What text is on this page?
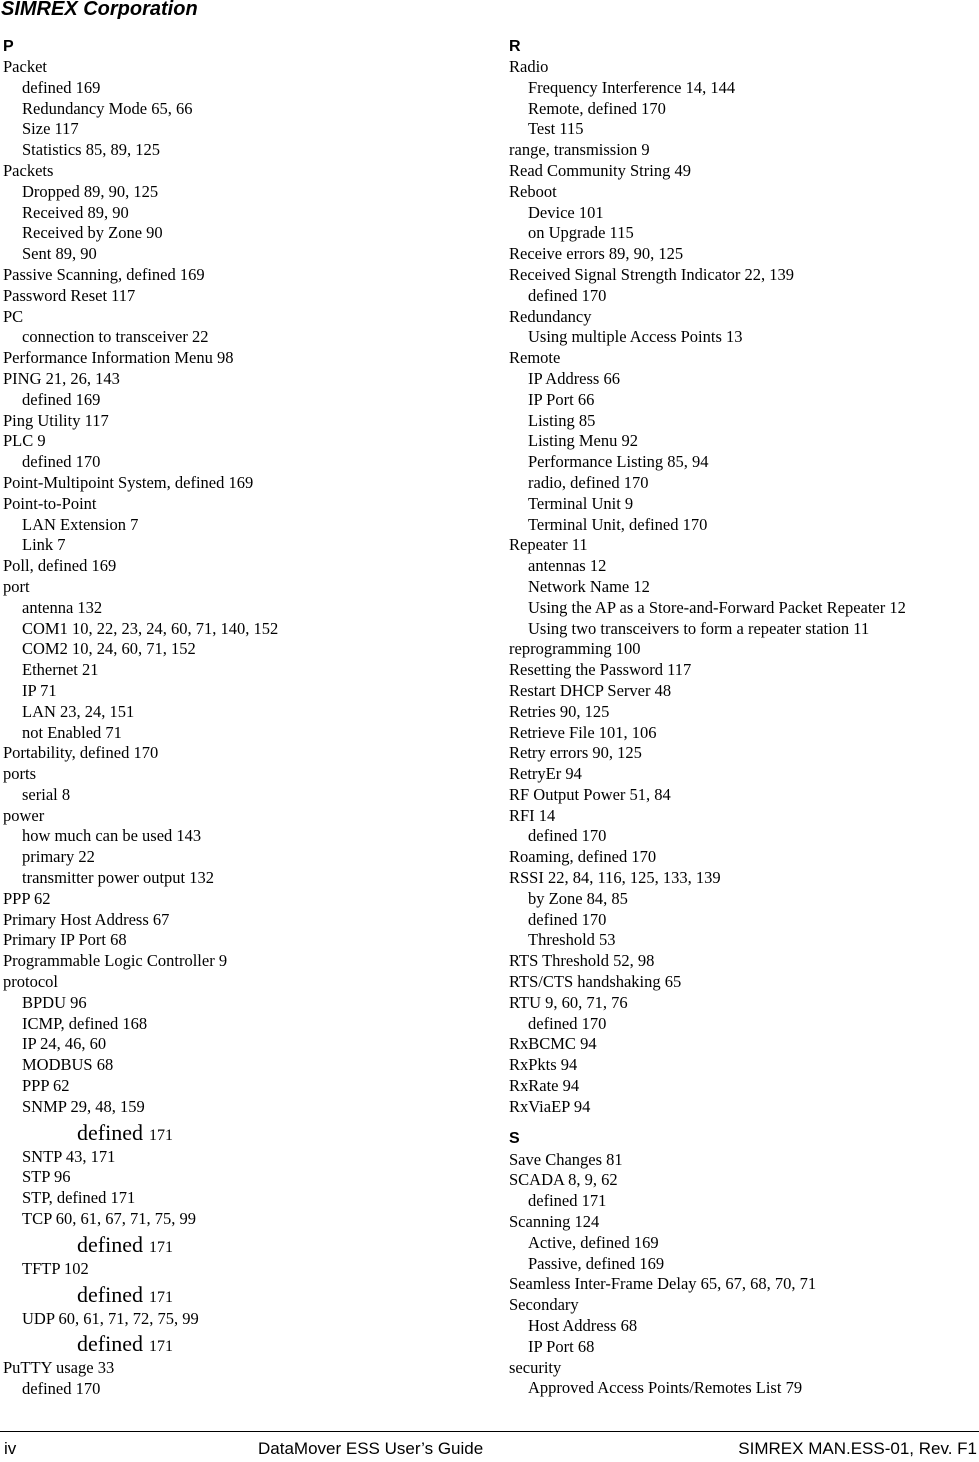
SIMREX Corporation
P
Packet
defined 169
Redundancy Mode 65, 66
Size 117
Statistics 85, 89, 125
Packets
Dropped 89, 90, 125
Received 89, 90
Received by Zone 90
Sent 89, 90
Passive Scanning, defined 169
Password Reset 117
PC
connection to transceiver 22
Performance Information Menu 98
PING 21, 26, 143
defined 169
Ping Utility 117
PLC 9
defined 170
Point-Multipoint System, defined 169
Point-to-Point
LAN Extension 7
Link 7
Poll, defined 169
port
antenna 132
COM1 10, 22, 23, 24, 60, 71, 140, 152
COM2 10, 24, 60, 71, 152
Ethernet 21
IP 71
LAN 23, 24, 151
not Enabled 71
Portability, defined 170
ports
serial 8
power
how much can be used 143
primary 22
transmitter power output 132
PPP 62
Primary Host Address 67
Primary IP Port 68
Programmable Logic Controller 9
protocol
BPDU 96
ICMP, defined 168
IP 24, 46, 60
MODBUS 68
PPP 62
SNMP 29, 48, 159
defined 171
SNTP 43, 171
STP 96
STP, defined 171
TCP 60, 61, 67, 71, 75, 99
defined 171
TFTP 102
defined 171
UDP 60, 61, 71, 72, 75, 99
defined 171
PuTTY usage 33
defined 170
R
Radio
Frequency Interference 14, 144
Remote, defined 170
Test 115
range, transmission 9
Read Community String 49
Reboot
Device 101
on Upgrade 115
Receive errors 89, 90, 125
Received Signal Strength Indicator 22, 139
defined 170
Redundancy
Using multiple Access Points 13
Remote
IP Address 66
IP Port 66
Listing 85
Listing Menu 92
Performance Listing 85, 94
radio, defined 170
Terminal Unit 9
Terminal Unit, defined 170
Repeater 11
antennas 12
Network Name 12
Using the AP as a Store-and-Forward Packet Repeater 12
Using two transceivers to form a repeater station 11
reprogramming 100
Resetting the Password 117
Restart DHCP Server 48
Retries 90, 125
Retrieve File 101, 106
Retry errors 90, 125
RetryEr 94
RF Output Power 51, 84
RFI 14
defined 170
Roaming, defined 170
RSSI 22, 84, 116, 125, 133, 139
by Zone 84, 85
defined 170
Threshold 53
RTS Threshold 52, 98
RTS/CTS handshaking 65
RTU 9, 60, 71, 76
defined 170
RxBCMC 94
RxPkts 94
RxRate 94
RxViaEP 94
S
Save Changes 81
SCADA 8, 9, 62
defined 171
Scanning 124
Active, defined 169
Passive, defined 169
Seamless Inter-Frame Delay 65, 67, 68, 70, 71
Secondary
Host Address 68
IP Port 68
security
Approved Access Points/Remotes List 79
iv	DataMover ESS User’s Guide	SIMREX MAN.ESS-01, Rev. F1
